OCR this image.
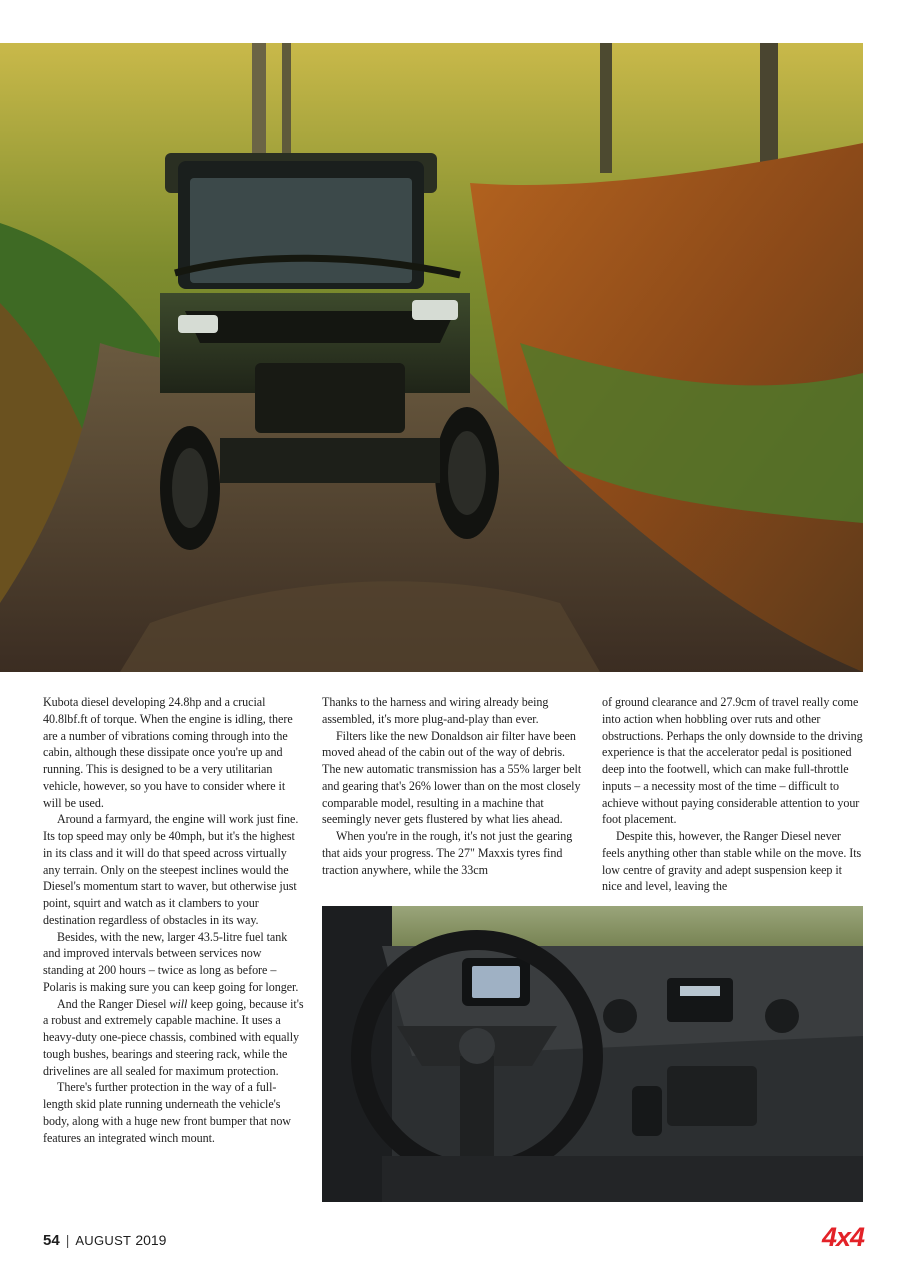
Kubota diesel developing 24.8hp and a crucial 40.8lbf.ft of torque. When the engine is idling, there are a number of vibrations coming through into the cabin, although these dissipate once you're up and running. This is designed to be a very utilitarian vehicle, however, so you have to consider where it will be used.

Around a farmyard, the engine will work just fine. Its top speed may only be 40mph, but it's the highest in its class and it will do that speed across virtually any terrain. Only on the steepest inclines would the Diesel's momentum start to waver, but otherwise just point, squirt and watch as it clambers to your destination regardless of obstacles in its way.

Besides, with the new, larger 43.5-litre fuel tank and improved intervals between services now standing at 200 hours – twice as long as before – Polaris is making sure you can keep going for longer.

And the Ranger Diesel will keep going, because it's a robust and extremely capable machine. It uses a heavy-duty one-piece chassis, combined with equally tough bushes, bearings and steering rack, while the drivelines are all sealed for maximum protection.

There's further protection in the way of a full-length skid plate running underneath the vehicle's body, along with a huge new front bumper that now features an integrated winch mount.

Thanks to the harness and wiring already being assembled, it's more plug-and-play than ever.

Filters like the new Donaldson air filter have been moved ahead of the cabin out of the way of debris. The new automatic transmission has a 55% larger belt and gearing that's 26% lower than on the most closely comparable model, resulting in a machine that seemingly never gets flustered by what lies ahead.

When you're in the rough, it's not just the gearing that aids your progress. The 27" Maxxis tyres find traction anywhere, while the 33cm

of ground clearance and 27.9cm of travel really come into action when hobbling over ruts and other obstructions. Perhaps the only downside to the driving experience is that the accelerator pedal is positioned deep into the footwell, which can make full-throttle inputs – a necessity most of the time – difficult to achieve without paying considerable attention to your foot placement.

Despite this, however, the Ranger Diesel never feels anything other than stable while on the move. Its low centre of gravity and adept suspension keep it nice and level, leaving the

54 | AUGUST 2019	4x4
